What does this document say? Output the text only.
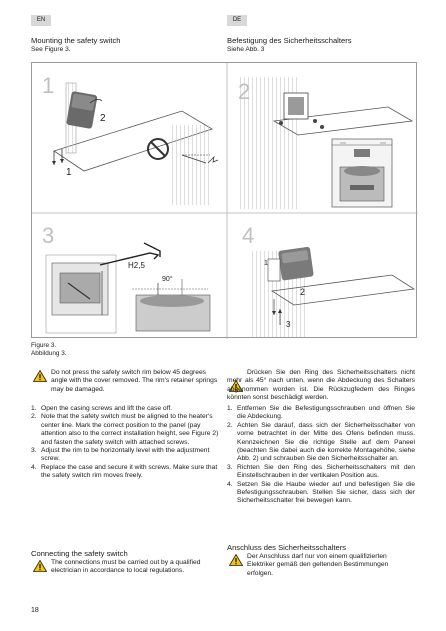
EN	DE
Mounting the safety switch
See Figure 3.
Befestigung des Sicherheitsschalters
Siehe Abb. 3
1
2
1
2
3
H2,5
90°
4
1
2
3
Figure 3.
Abbildung 3.
Do not press the safety switch rim below 45 degrees angle with the cover removed. The rim's retainer springs may be damaged.
1. Open the casing screws and lift the case off.
2. Note that the safety switch must be aligned to the heater's center line. Mark the correct position to the panel (pay attention also to the correct installation height, see Figure 2) and fasten the safety switch with attached screws.
3. Adjust the rim to be horizontally level with the adjustment screw.
4. Replace the case and secure it with screws. Make sure that the safety switch rim moves freely.
Connecting the safety switch
The connections must be carried out by a qualified electrician in accordance to local regulations.
Drücken Sie den Ring des Sicherheitsschalters nicht mehr als 45° nach unten, wenn die Abdeckung des Schalters abgenommen worden ist. Die Rückzugfedern des Ringes könnten sonst beschädigt werden.
1. Entfernen Sie die Befestigungsschrauben und öffnen Sie die Abdeckung.
2. Achten Sie darauf, dass sich der Sicherheitsschalter von vorne betrachtet in der Mitte des Ofens befinden muss. Kennzeichnen Sie die richtige Stelle auf dem Paneel (beachten Sie dabei auch die korrekte Montagehöhe, siehe Abb. 2) und schrauben Sie den Sicherheitsschalter an.
3. Richten Sie den Ring des Sicherheitsschalters mit den Einstellschrauben in der vertikalen Position aus.
4. Setzen Sie die Haube wieder auf und befestigen Sie die Befestigungsschrauben. Stellen Sie sicher, dass sich der Sicherheitsschalter frei bewegen kann.
Anschluss des Sicherheitsschalters
Der Anschluss darf nur von einem qualifizierten Elektriker gemäß den geltenden Bestimmungen erfolgen.
18
